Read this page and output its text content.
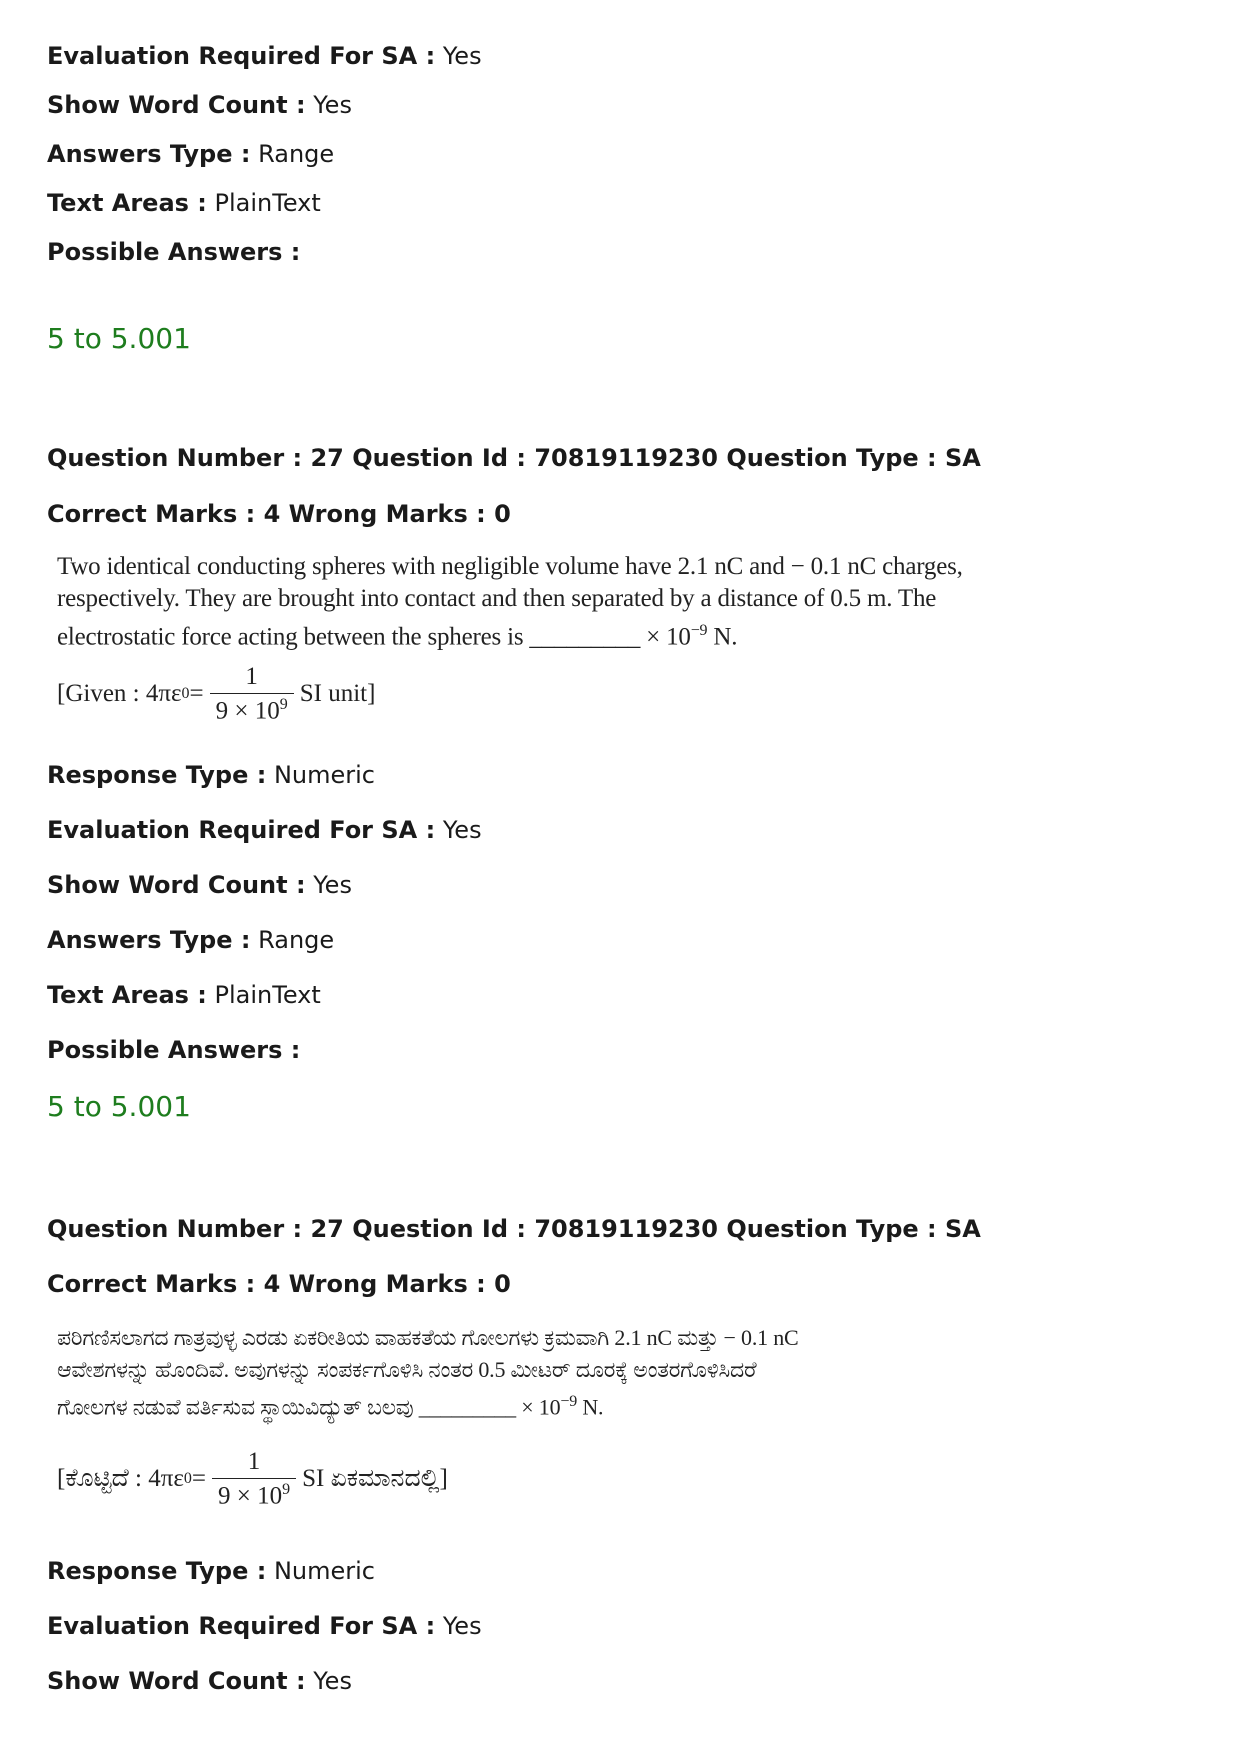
Evaluation Required For SA : Yes
Show Word Count : Yes
Answers Type : Range
Text Areas : PlainText
Possible Answers :
5 to 5.001
Question Number : 27 Question Id : 70819119230 Question Type : SA
Correct Marks : 4 Wrong Marks : 0
Two identical conducting spheres with negligible volume have 2.1 nC and − 0.1 nC charges,
respectively. They are brought into contact and then separated by a distance of 0.5 m. The
electrostatic force acting between the spheres is _________ × $10^{-9}$ N.
[Given : 4πε $0 = \frac{1}{9 \times 10^9}$ SI unit]
Response Type : Numeric
Evaluation Required For SA : Yes
Show Word Count : Yes
Answers Type : Range
Text Areas : PlainText
Possible Answers :
5 to 5.001
Question Number : 27 Question Id : 70819119230 Question Type : SA
Correct Marks : 4 Wrong Marks : 0
ಪರಿಗಣಿಸಲಾಗದ ಗಾತ್ರವುಳ್ಳ ಎರಡು ಏಕರೀತಿಯ ವಾಹಕತೆಯ ಗೋಲಗಳು ಕ್ರಮವಾಗಿ 2.1 nC ಮತ್ತು − 0.1 nC
ಆವೇಶಗಳನ್ನು ಹೊಂದಿವೆ. ಅವುಗಳನ್ನು ಸಂಪರ್ಕಗೊಳಿಸಿ ನಂತರ 0.5 ಮೀಟರ್ ದೂರಕ್ಕೆ ಅಂತರಗೊಳಿಸಿದರೆ
ಗೋಲಗಳ ನಡುವೆ ವರ್ತಿಸುವ ಸ್ಥಾಯಿವಿದ್ಯುತ್ ಬಲವು _________ × $10^{-9}$ N.
[ಕೊಟ್ಟಿದೆ : 4πε $0 = \frac{1}{9 \times 10^9}$ SI ಏಕಮಾನದಲ್ಲಿ]
Response Type : Numeric
Evaluation Required For SA : Yes
Show Word Count : Yes
